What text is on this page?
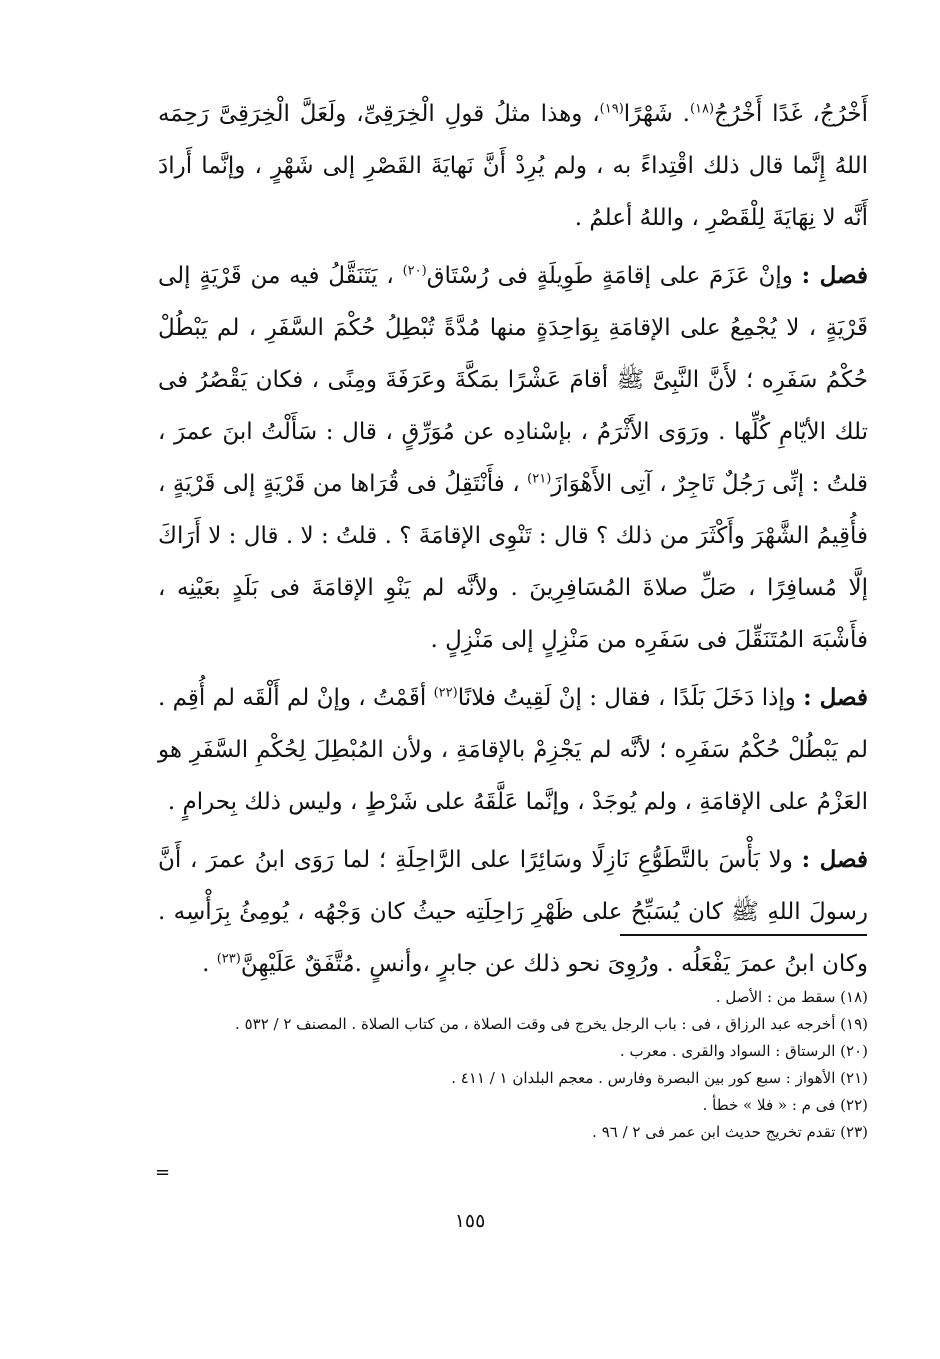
أَخْرُجُ، غَدًا أَخْرُجُ$^{(١٨)}$. شَهْرًا$^{(١٩)}$، وهذا مثلُ قولِ الْخِرَقِىِّ، ولَعَلَّ الْخِرَقِىَّ رَحِمَه اللهُ إِنَّما قال ذلك اقْتِداءً به ، ولم يُرِدْ أَنَّ نَهايَةَ القَصْرِ إلى شَهْرٍ ، وإنَّما أَرادَ أَنَّه لا نِهَايَةَ لِلْقَصْرِ ، واللهُ أعلمُ .

فصل : وإنْ عَزَمَ على إقامَةٍ طَوِيلَةٍ فى رُسْتَاق$^{(٢٠)}$ ، يَتَنَقَّلُ فيه من قَرْيَةٍ إلى قَرْيَةٍ ، لا يُجْمِعُ على الإقامَةِ بِوَاحِدَةٍ منها مُدَّةً تُبْطِلُ حُكْمَ السَّفَرِ ، لم يَبْطُلْ حُكْمُ سَفَرِه ؛ لأَنَّ النَّبِىَّ ﷺ أقامَ عَشْرًا بمَكَّةَ وعَرَفَةَ ومِنًى ، فكان يَقْصُرُ فى تلك الأيّامِ كُلِّها . ورَوَى الأَثْرَمُ ، بإسْنادِه عن مُوَرِّقٍ ، قال : سَأَلْتُ ابنَ عمرَ ، قلتُ : إنِّى رَجُلٌ تَاجِرٌ ، آتِى الأَهْوَازَ$^{(٢١)}$ ، فأَنْتَقِلُ فى قُرَاها من قَرْيَةٍ إلى قَرْيَةٍ ، فأُقِيمُ الشَّهْرَ وأَكْثَرَ من ذلك ؟ قال : تَنْوِى الإقامَةَ ؟ . قلتُ : لا . قال : لا أَرَاكَ إلَّا مُسافِرًا ، صَلِّ صلاةَ المُسَافِرِينَ . ولأنَّه لم يَنْوِ الإقامَةَ فى بَلَدٍ بعَيْنِه ، فأَشْبَهَ المُتَنَقِّلَ فى سَفَرِه من مَنْزِلٍ إلى مَنْزِلٍ .

فصل : وإذا دَخَلَ بَلَدًا ، فقال : إنْ لَقِيتُ فلانًا$^{(٢٢)}$ أقَمْتُ ، وإنْ لم أَلْقَه لم أُقِم . لم يَبْطُلْ حُكْمُ سَفَرِه ؛ لأنَّه لم يَجْزِمْ بالإقامَةِ ، ولأن المُبْطِلَ لِحُكْمِ السَّفَرِ هو العَزْمُ على الإقامَةِ ، ولم يُوجَدْ ، وإنَّما عَلَّقَهُ على شَرْطٍ ، وليس ذلك بِحرامٍ .

فصل : ولا بَأْسَ بالتَّطَوُّعِ نَازِلًا وسَائِرًا على الرَّاحِلَةِ ؛ لما رَوَى ابنُ عمرَ ، أَنَّ رسولَ اللهِ ﷺ كان يُسَبِّحُ على ظَهْرِ رَاحِلَتِه حيثُ كان وَجْهُه ، يُومِئُ بِرَأْسِه . وكان ابنُ عمرَ يَفْعَلُه . ورُوِىَ نحو ذلك عن جابرٍ ،وأنسٍ .مُتَّفَقٌ عَلَيْهِنَّ$^{(٢٣)}$ .

(١٨) سقط من : الأصل .

(١٩) أخرجه عبد الرزاق ، فى : باب الرجل يخرج فى وقت الصلاة ، من كتاب الصلاة . المصنف ٢ / ٥٣٢ .

(٢٠) الرستاق : السواد والقرى . معرب .

(٢١) الأهواز : سبع كور بين البصرة وفارس . معجم البلدان ١ / ٤١١ .

(٢٢) فى م : « فلا » خطأ .

(٢٣) تقدم تخريج حديث ابن عمر فى ٢ / ٩٦ .

=
١٥٥
